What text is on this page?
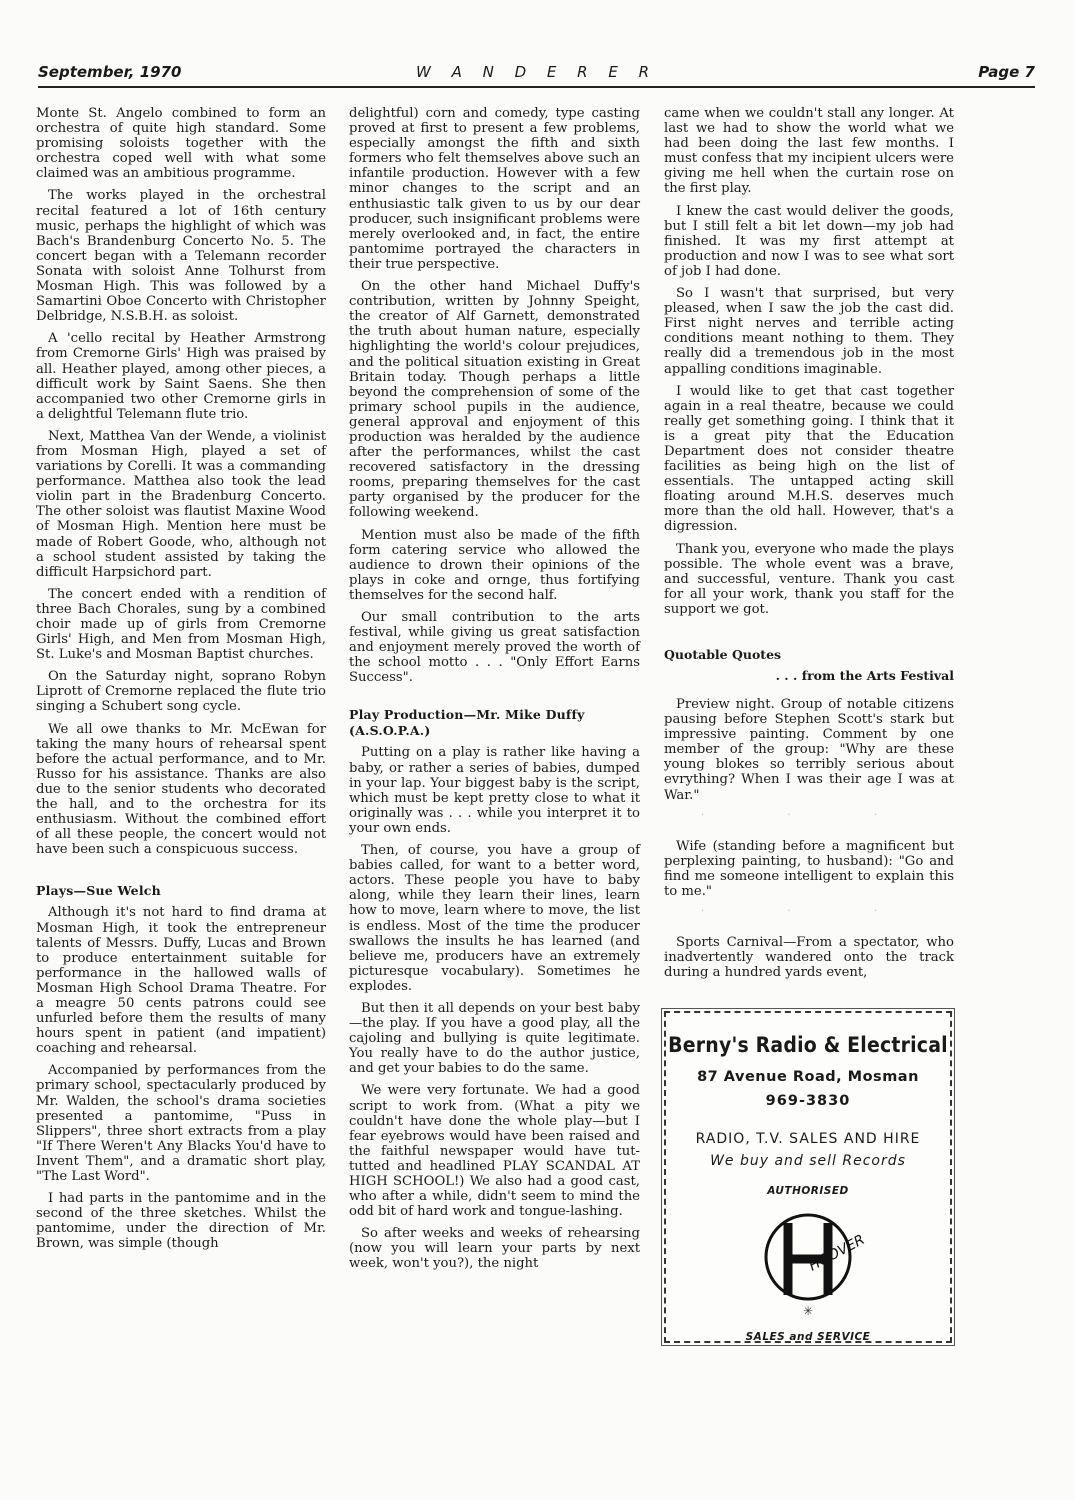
September, 1970	W A N D E R E R	Page 7

Monte St. Angelo combined to form an orchestra of quite high standard. Some promising soloists together with the orchestra coped well with what some claimed was an ambitious programme.

The works played in the orchestral recital featured a lot of 16th century music, perhaps the highlight of which was Bach's Brandenburg Concerto No. 5. The concert began with a Telemann recorder Sonata with soloist Anne Tolhurst from Mosman High. This was followed by a Samartini Oboe Concerto with Christopher Delbridge, N.S.B.H. as soloist.

A 'cello recital by Heather Armstrong from Cremorne Girls' High was praised by all. Heather played, among other pieces, a difficult work by Saint Saens. She then accompanied two other Cremorne girls in a delightful Telemann flute trio.

Next, Matthea Van der Wende, a violinist from Mosman High, played a set of variations by Corelli. It was a commanding performance. Matthea also took the lead violin part in the Bradenburg Concerto. The other soloist was flautist Maxine Wood of Mosman High. Mention here must be made of Robert Goode, who, although not a school student assisted by taking the difficult Harpsichord part.

The concert ended with a rendition of three Bach Chorales, sung by a combined choir made up of girls from Cremorne Girls' High, and Men from Mosman High, St. Luke's and Mosman Baptist churches.

On the Saturday night, soprano Robyn Liprott of Cremorne replaced the flute trio singing a Schubert song cycle.

We all owe thanks to Mr. McEwan for taking the many hours of rehearsal spent before the actual performance, and to Mr. Russo for his assistance. Thanks are also due to the senior students who decorated the hall, and to the orchestra for its enthusiasm. Without the combined effort of all these people, the concert would not have been such a conspicuous success.

Plays—Sue Welch

Although it's not hard to find drama at Mosman High, it took the entrepreneur talents of Messrs. Duffy, Lucas and Brown to produce entertainment suitable for performance in the hallowed walls of Mosman High School Drama Theatre. For a meagre 50 cents patrons could see unfurled before them the results of many hours spent in patient (and impatient) coaching and rehearsal.

Accompanied by performances from the primary school, spectacularly produced by Mr. Walden, the school's drama societies presented a pantomime, "Puss in Slippers", three short extracts from a play "If There Weren't Any Blacks You'd have to Invent Them", and a dramatic short play, "The Last Word".

I had parts in the pantomime and in the second of the three sketches. Whilst the pantomime, under the direction of Mr. Brown, was simple (though

delightful) corn and comedy, type casting proved at first to present a few problems, especially amongst the fifth and sixth formers who felt themselves above such an infantile production. However with a few minor changes to the script and an enthusiastic talk given to us by our dear producer, such insignificant problems were merely overlooked and, in fact, the entire pantomime portrayed the characters in their true perspective.

On the other hand Michael Duffy's contribution, written by Johnny Speight, the creator of Alf Garnett, demonstrated the truth about human nature, especially highlighting the world's colour prejudices, and the political situation existing in Great Britain today. Though perhaps a little beyond the comprehension of some of the primary school pupils in the audience, general approval and enjoyment of this production was heralded by the audience after the performances, whilst the cast recovered satisfactory in the dressing rooms, preparing themselves for the cast party organised by the producer for the following weekend.

Mention must also be made of the fifth form catering service who allowed the audience to drown their opinions of the plays in coke and ornge, thus fortifying themselves for the second half.

Our small contribution to the arts festival, while giving us great satisfaction and enjoyment merely proved the worth of the school motto . . . "Only Effort Earns Success".

Play Production—Mr. Mike Duffy (A.S.O.P.A.)

Putting on a play is rather like having a baby, or rather a series of babies, dumped in your lap. Your biggest baby is the script, which must be kept pretty close to what it originally was . . . while you interpret it to your own ends.

Then, of course, you have a group of babies called, for want to a better word, actors. These people you have to baby along, while they learn their lines, learn how to move, learn where to move, the list is endless. Most of the time the producer swallows the insults he has learned (and believe me, producers have an extremely picturesque vocabulary). Sometimes he explodes.

But then it all depends on your best baby—the play. If you have a good play, all the cajoling and bullying is quite legitimate. You really have to do the author justice, and get your babies to do the same.

We were very fortunate. We had a good script to work from. (What a pity we couldn't have done the whole play—but I fear eyebrows would have been raised and the faithful newspaper would have tut-tutted and headlined PLAY SCANDAL AT HIGH SCHOOL!) We also had a good cast, who after a while, didn't seem to mind the odd bit of hard work and tongue-lashing.

So after weeks and weeks of rehearsing (now you will learn your parts by next week, won't you?), the night

came when we couldn't stall any longer. At last we had to show the world what we had been doing the last few months. I must confess that my incipient ulcers were giving me hell when the curtain rose on the first play.

I knew the cast would deliver the goods, but I still felt a bit let down—my job had finished. It was my first attempt at production and now I was to see what sort of job I had done.

So I wasn't that surprised, but very pleased, when I saw the job the cast did. First night nerves and terrible acting conditions meant nothing to them. They really did a tremendous job in the most appalling conditions imaginable.

I would like to get that cast together again in a real theatre, because we could really get something going. I think that it is a great pity that the Education Department does not consider theatre facilities as being high on the list of essentials. The untapped acting skill floating around M.H.S. deserves much more than the old hall. However, that's a digression.

Thank you, everyone who made the plays possible. The whole event was a brave, and successful, venture. Thank you cast for all your work, thank you staff for the support we got.

Quotable Quotes
. . . from the Arts Festival

Preview night. Group of notable citizens pausing before Stephen Scott's stark but impressive painting. Comment by one member of the group: "Why are these young blokes so terribly serious about evrything? When I was their age I was at War."

· · ·

Wife (standing before a magnificent but perplexing painting, to husband): "Go and find me someone intelligent to explain this to me."

· · ·

Sports Carnival—From a spectator, who inadvertently wandered onto the track during a hundred yards event,

Berny's Radio & Electrical
87 Avenue Road, Mosman
969-3830
RADIO, T.V. SALES AND HIRE
We buy and sell Records
AUTHORISED
HOOVER
✳
SALES and SERVICE
